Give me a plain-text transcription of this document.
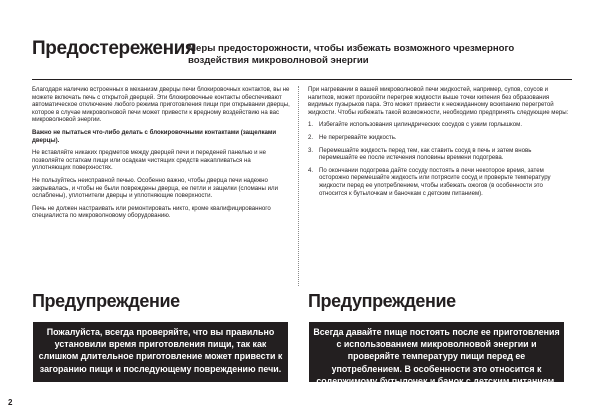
Предостережения
Меры предосторожности, чтобы избежать возможного чрезмерного воздействия микроволновой энергии

Благодаря наличию встроенных в механизм дверцы печи блокировочных контактов, вы не можете включать печь с открытой дверцей. Эти блокировочные контакты обеспечивают автоматическое отключение любого режима приготовления пищи при открывании дверцы, которое в случае микроволновой печи может привести к вредному воздействию на вас микроволновой энергии.

Важно не пытаться что-либо делать с блокировочными контактами (защелками дверцы).

Не вставляйте никаких предметов между дверцей печи и переденей панелью и не позволяйте остаткам пищи или осадкам чистящих средств накапливаться на уплотняющих поверхностях.

Не пользуйтесь неисправной печью. Особенно важно, чтобы дверца печи надежно закрывалась, и чтобы не были повреждены дверца, ее петли и защелки (сломаны или ослаблены), уплотнители дверцы и уплотняющие поверхности.

Печь не должен настраивать или ремонтировать никто, кроме квалифицированного специалиста по микроволновому оборудованию.

При нагревании в вашей микроволновой печи жидкостей, например, супов, соусов и напитков, может произойти перегрев жидкости выше точки кипения без образования видимых пузырьков пара. Это может привести к неожиданному вскипанию перегретой жидкости. Чтобы избежать такой возможности, необходимо предпринять следующие меры:

1. Избегайте использования цилиндрических сосудов с узким горлышком.
2. Не перегревайте жидкость.
3. Перемешайте жидкость перед тем, как ставить сосуд в печь и затем вновь перемешайте ее после истечения половины времени подогрева.
4. По окончании подогрева дайте сосуду постоять в печи некоторое время, затем осторожно перемешайте жидкость или потрясите сосуд и проверьте температуру жидкости перед ее употреблением, чтобы избежать ожогов (в особенности это относится к бутылочкам и баночкам с детским питанием).
Предупреждение	Предупреждение
Пожалуйста, всегда проверяйте, что вы правильно установили время приготовления пищи, так как слишком длительное приготовление может привести к загоранию пищи и последующему повреждению печи.
Всегда давайте пище постоять после ее приготовления с использованием микроволновой энергии и проверяйте температуру пищи перед ее употреблением. В особенности это относится к содержимому бутылочек и банок с детским питанием.
2
